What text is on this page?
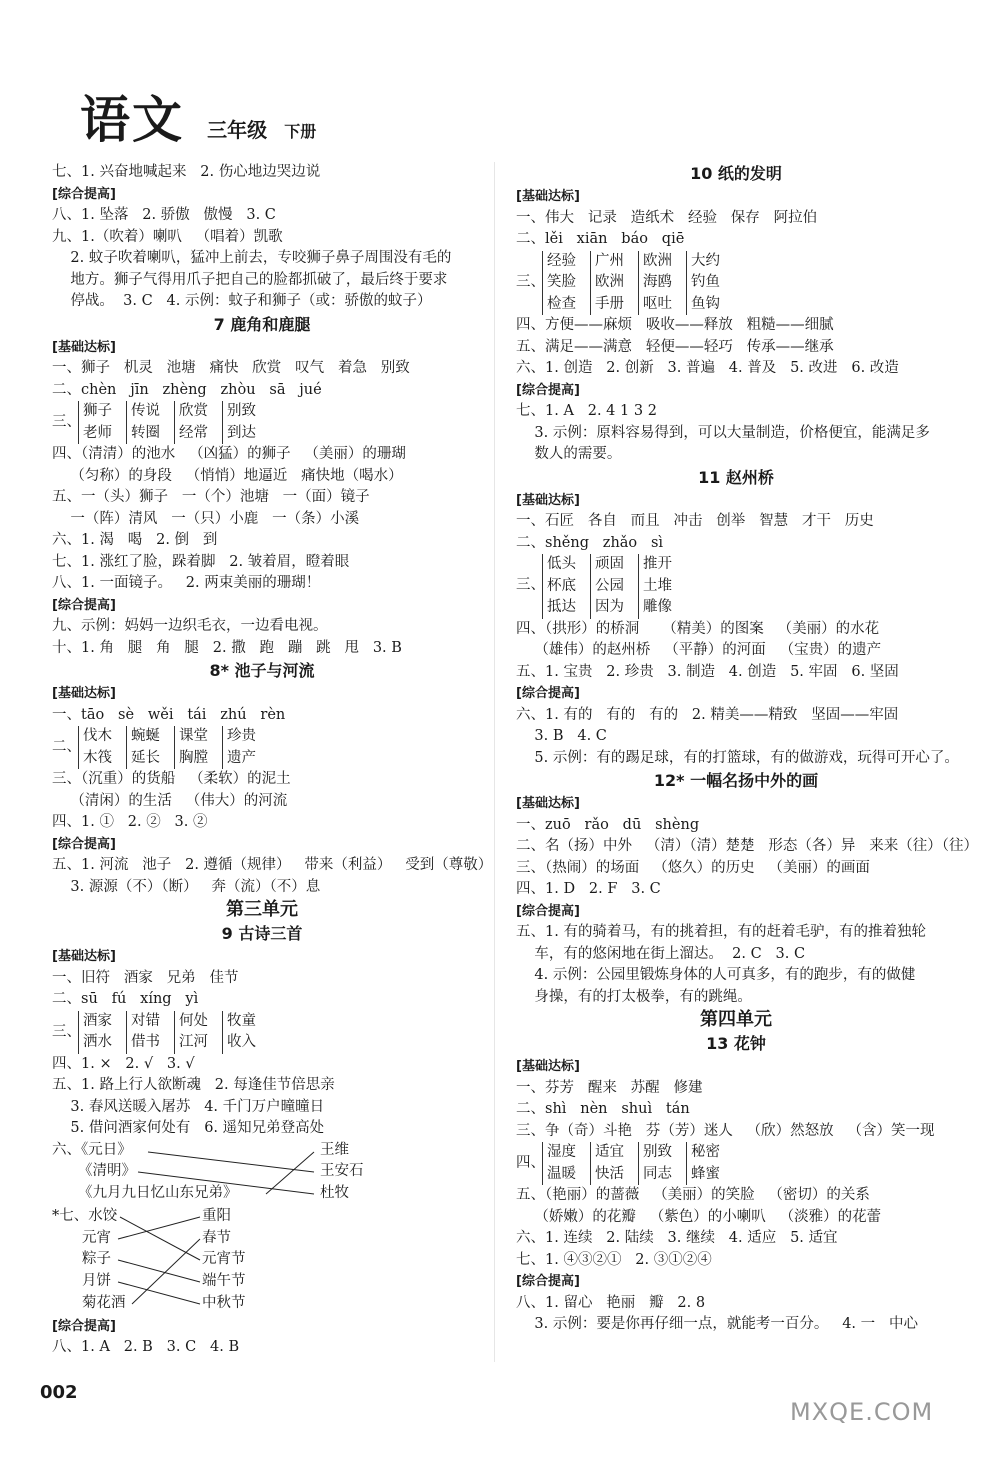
语文 三年级 下册
七、1. 兴奋地喊起来   2. 伤心地边哭边说
[综合提高]
八、1. 坠落   2. 骄傲   傲慢   3. C
九、1.（吹着）喇叭   （唱着）凯歌
2. 蚊子吹着喇叭，猛冲上前去，专咬狮子鼻子周围没有毛的
地方。狮子气得用爪子把自己的脸都抓破了，最后终于要求
停战。  3. C   4. 示例：蚊子和狮子（或：骄傲的蚊子）
7 鹿角和鹿腿
[基础达标]
一、狮子   机灵   池塘   痛快   欣赏   叹气   着急   别致
二、chèn   jīn   zhèng   zhòu   sā   jué
三、
狮子	传说	欣赏	别致
老师	转圈	经常	到达
四、（清清）的池水   （凶猛）的狮子   （美丽）的珊瑚
（匀称）的身段   （悄悄）地逼近   痛快地（喝水）
五、一（头）狮子   一（个）池塘   一（面）镜子
一（阵）清风   一（只）小鹿   一（条）小溪
六、1. 渴   喝   2. 倒   到
七、1. 涨红了脸，跺着脚   2. 皱着眉，瞪着眼
八、1. 一面镜子。   2. 两束美丽的珊瑚！
[综合提高]
九、示例：妈妈一边织毛衣，一边看电视。
十、1. 角   腿   角   腿   2. 撒   跑   蹦   跳   甩   3. B
8* 池子与河流
[基础达标]
一、tāo   sè   wěi   tái   zhú   rèn
二、
伐木	蜿蜒	课堂	珍贵
木筏	延长	胸膛	遗产
三、（沉重）的货船   （柔软）的泥土
（清闲）的生活   （伟大）的河流
四、1. ①   2. ②   3. ②
[综合提高]
五、1. 河流   池子   2. 遵循（规律）   带来（利益）   受到（尊敬）
3. 源源（不）（断）   奔（流）（不）息
第三单元
9 古诗三首
[基础达标]
一、旧符   酒家   兄弟   佳节
二、sū   fú   xíng   yì
三、
酒家	对错	何处	牧童
洒水	借书	江河	收入
四、1. ×   2. √   3. √
五、1. 路上行人欲断魂   2. 每逢佳节倍思亲
3. 春风送暖入屠苏   4. 千门万户曈曈日
5. 借问酒家何处有   6. 遥知兄弟登高处
六、《元日》
《清明》
《九月九日忆山东兄弟》
王维
王安石
杜牧
*七、水饺
元宵
粽子
月饼
菊花酒
重阳
春节
元宵节
端午节
中秋节
[综合提高]
八、1. A   2. B   3. C   4. B
10 纸的发明
[基础达标]
一、伟大   记录   造纸术   经验   保存   阿拉伯
二、lěi   xiān   báo   qiē
三、
经验	广州	欧洲	大约
笑脸	欧洲	海鸥	钓鱼
检查	手册	呕吐	鱼钩
四、方便——麻烦   吸收——释放   粗糙——细腻
五、满足——满意   轻便——轻巧   传承——继承
六、1. 创造   2. 创新   3. 普遍   4. 普及   5. 改进   6. 改造
[综合提高]
七、1. A   2. 4 1 3 2
3. 示例：原料容易得到，可以大量制造，价格便宜，能满足多
数人的需要。
11 赵州桥
[基础达标]
一、石匠   各自   而且   冲击   创举   智慧   才干   历史
二、shěng   zhǎo   sì
三、
低头	顽固	推开
杯底	公园	土堆
抵达	因为	雕像
四、（拱形）的桥洞     （精美）的图案   （美丽）的水花
（雄伟）的赵州桥   （平静）的河面   （宝贵）的遗产
五、1. 宝贵   2. 珍贵   3. 制造   4. 创造   5. 牢固   6. 坚固
[综合提高]
六、1. 有的   有的   有的   2. 精美——精致   坚固——牢固
3. B   4. C
5. 示例：有的踢足球，有的打篮球，有的做游戏，玩得可开心了。
12* 一幅名扬中外的画
[基础达标]
一、zuō   rǎo   dū   shèng
二、名（扬）中外   （清）（清）楚楚   形态（各）异   来来（往）（往）
三、（热闹）的场面   （悠久）的历史   （美丽）的画面
四、1. D   2. F   3. C
[综合提高]
五、1. 有的骑着马，有的挑着担，有的赶着毛驴，有的推着独轮
车，有的悠闲地在街上溜达。  2. C   3. C
4. 示例：公园里锻炼身体的人可真多，有的跑步，有的做健
身操，有的打太极拳，有的跳绳。
第四单元
13 花钟
[基础达标]
一、芬芳   醒来   苏醒   修建
二、shì   nèn   shuì   tán
三、争（奇）斗艳   芬（芳）迷人   （欣）然怒放   （含）笑一现
四、
湿度	适宜	别致	秘密
温暖	快活	同志	蜂蜜
五、（艳丽）的蔷薇   （美丽）的笑脸   （密切）的关系
（娇嫩）的花瓣   （紫色）的小喇叭   （淡雅）的花蕾
六、1. 连续   2. 陆续   3. 继续   4. 适应   5. 适宜
七、1. ④③②①   2. ③①②④
[综合提高]
八、1. 留心   艳丽   瓣   2. 8
3. 示例：要是你再仔细一点，就能考一百分。   4. 一   中心
002
MXQE.COM
